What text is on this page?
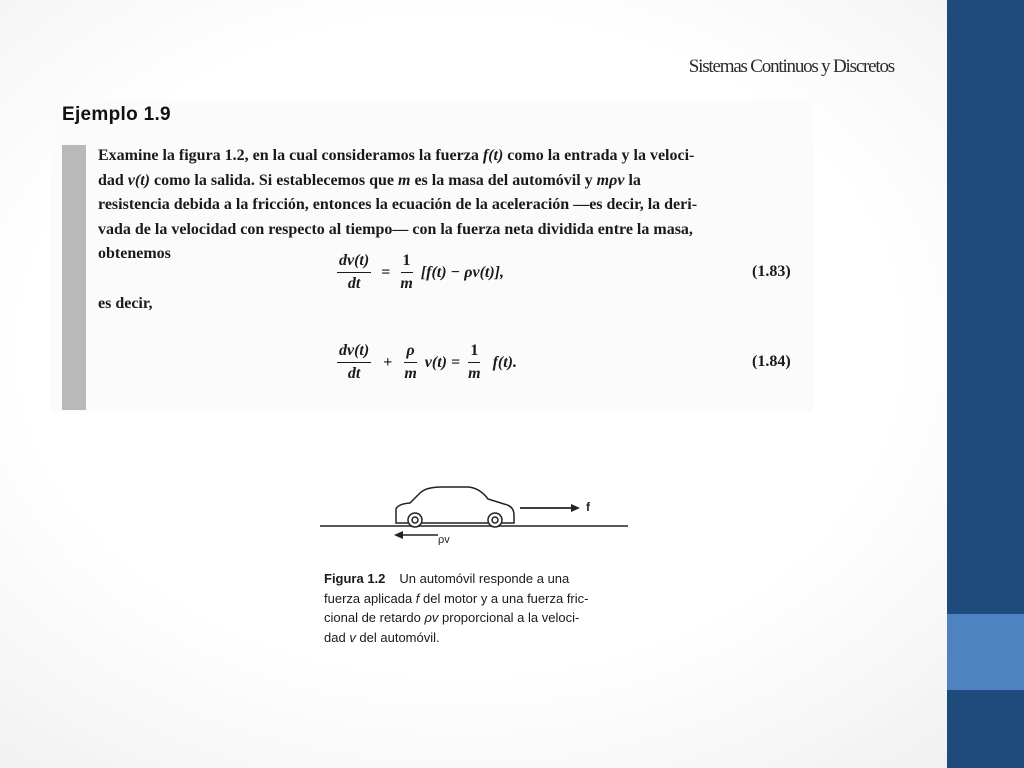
Sistemas Continuos y Discretos
Ejemplo 1.9
Examine la figura 1.2, en la cual consideramos la fuerza f(t) como la entrada y la veloci-
dad v(t) como la salida. Si establecemos que m es la masa del automóvil y mρv la
resistencia debida a la fricción, entonces la ecuación de la aceleración —es decir, la deri-
vada de la velocidad con respecto al tiempo— con la fuerza neta dividida entre la masa,
obtenemos	$\frac{dv(t)}{dt} = \frac{1}{m} [f(t) - \rho v(t)]$,	(1.83)
es decir,
$\frac{dv(t)}{dt} + \frac{\rho}{m} v(t) = \frac{1}{m} f(t)$.	(1.84)
f
ρv
Figura 1.2 Un automóvil responde a una
fuerza aplicada f del motor y a una fuerza fric-
cional de retardo ρv proporcional a la veloci-
dad v del automóvil.
